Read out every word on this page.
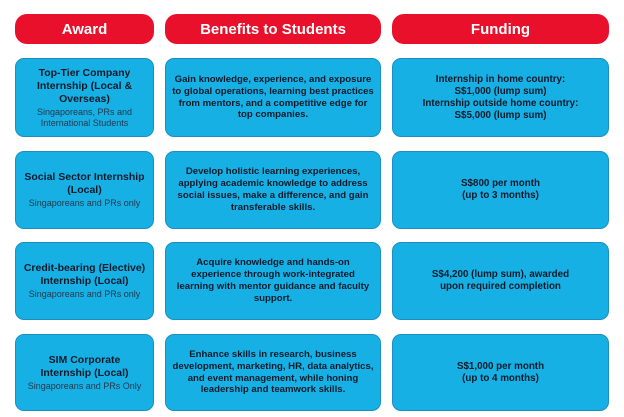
Award	Benefits to Students	Funding
Top-Tier Company Internship (Local & Overseas)
Singaporeans, PRs and International Students
Gain knowledge, experience, and exposure to global operations, learning best practices from mentors, and a competitive edge for top companies.
Internship in home country:
S$1,000 (lump sum)
Internship outside home country:
S$5,000 (lump sum)
Social Sector Internship (Local)
Singaporeans and PRs only
Develop holistic learning experiences, applying academic knowledge to address social issues, make a difference, and gain transferable skills.
S$800 per month
(up to 3 months)
Credit-bearing (Elective) Internship (Local)
Singaporeans and PRs only
Acquire knowledge and hands-on experience through work-integrated learning with mentor guidance and faculty support.
S$4,200 (lump sum), awarded
upon required completion
SIM Corporate Internship (Local)
Singaporeans and PRs Only
Enhance skills in research, business development, marketing, HR, data analytics, and event management, while honing leadership and teamwork skills.
S$1,000 per month
(up to 4 months)
